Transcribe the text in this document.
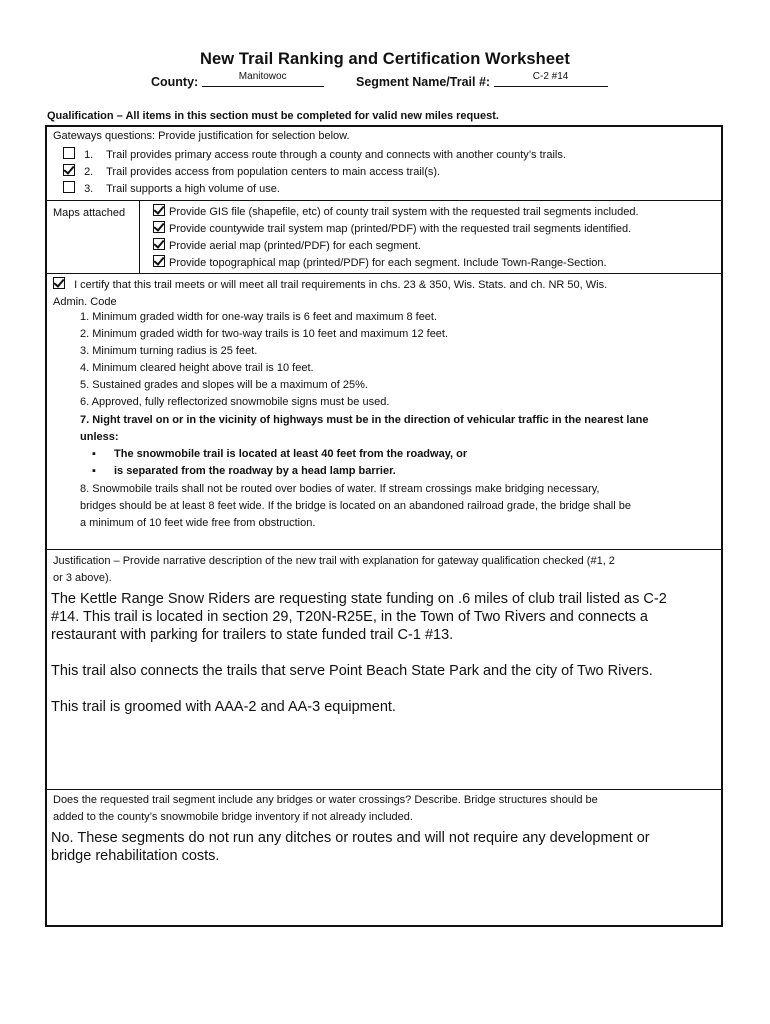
New Trail Ranking and Certification Worksheet
County:	Manitowoc	Segment Name/Trail #:	C-2 #14
Qualification – All items in this section must be completed for valid new miles request.
Gateways questions: Provide justification for selection below.
1. Trail provides primary access route through a county and connects with another county’s trails.
2. Trail provides access from population centers to main access trail(s).
3. Trail supports a high volume of use.
Maps attached	Provide GIS file (shapefile, etc) of county trail system with the requested trail segments included.
Provide countywide trail system map (printed/PDF) with the requested trail segments identified.
Provide aerial map (printed/PDF) for each segment.
Provide topographical map (printed/PDF) for each segment. Include Town-Range-Section.
I certify that this trail meets or will meet all trail requirements in chs. 23 & 350, Wis. Stats. and ch. NR 50, Wis.
Admin. Code
1. Minimum graded width for one-way trails is 6 feet and maximum 8 feet.
2. Minimum graded width for two-way trails is 10 feet and maximum 12 feet.
3. Minimum turning radius is 25 feet.
4. Minimum cleared height above trail is 10 feet.
5. Sustained grades and slopes will be a maximum of 25%.
6. Approved, fully reflectorized snowmobile signs must be used.
7. Night travel on or in the vicinity of highways must be in the direction of vehicular traffic in the nearest lane
unless:
▪ The snowmobile trail is located at least 40 feet from the roadway, or
▪ is separated from the roadway by a head lamp barrier.
8. Snowmobile trails shall not be routed over bodies of water. If stream crossings make bridging necessary,
bridges should be at least 8 feet wide. If the bridge is located on an abandoned railroad grade, the bridge shall be
a minimum of 10 feet wide free from obstruction.
Justification – Provide narrative description of the new trail with explanation for gateway qualification checked (#1, 2
or 3 above).
The Kettle Range Snow Riders are requesting state funding on .6 miles of club trail listed as C-2
#14. This trail is located in section 29, T20N-R25E, in the Town of Two Rivers and connects a
restaurant with parking for trailers to state funded trail C-1 #13.
This trail also connects the trails that serve Point Beach State Park and the city of Two Rivers.
This trail is groomed with AAA-2 and AA-3 equipment.
Does the requested trail segment include any bridges or water crossings? Describe. Bridge structures should be
added to the county’s snowmobile bridge inventory if not already included.
No. These segments do not run any ditches or routes and will not require any development or
bridge rehabilitation costs.
